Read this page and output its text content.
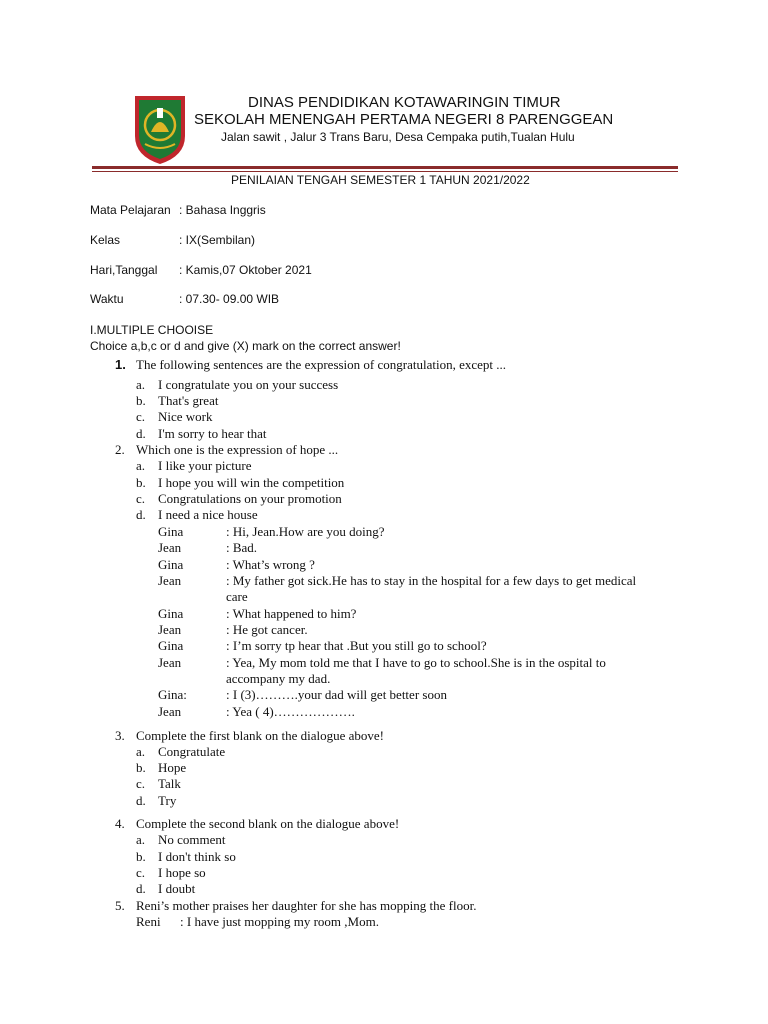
DINAS PENDIDIKAN KOTAWARINGIN TIMUR
SEKOLAH MENENGAH PERTAMA NEGERI 8 PARENGGEAN
Jalan sawit , Jalur 3 Trans Baru, Desa Cempaka putih,Tualan Hulu
PENILAIAN TENGAH SEMESTER 1 TAHUN 2021/2022
Mata Pelajaran : Bahasa Inggris
Kelas	: IX(Sembilan)
Hari,Tanggal : Kamis,07 Oktober 2021
Waktu	: 07.30- 09.00 WIB
I.MULTIPLE CHOOISE
Choice a,b,c or d and give (X) mark on the correct answer!
1. The following sentences are the expression of congratulation, except ...
a. I congratulate you on your success
b. That's great
c. Nice work
d. I'm sorry to hear that
2. Which one is the expression of hope ...
a. I like your picture
b. I hope you will win the competition
c. Congratulations on your promotion
d. I need a nice house
Gina	: Hi, Jean.How are you doing?
Jean	: Bad.
Gina	: What’s wrong ?
Jean	: My father got sick.He has to stay in the hospital for a few days to get medical
care
Gina	: What happened to him?
Jean	: He got cancer.
Gina	: I’m sorry tp hear that .But you still go to school?
Jean	: Yea, My mom told me that I have to go to school.She is in the ospital to
accompany my dad.
Gina:	: I (3)……….your dad will get better soon
Jean	: Yea ( 4)……………….
3. Complete the first blank on the dialogue above!
a. Congratulate
b. Hope
c. Talk
d. Try
4. Complete the second blank on the dialogue above!
a. No comment
b. I don't think so
c. I hope so
d. I doubt
5. Reni’s mother praises her daughter for she has mopping the floor.
Reni : I have just mopping my room ,Mom.
